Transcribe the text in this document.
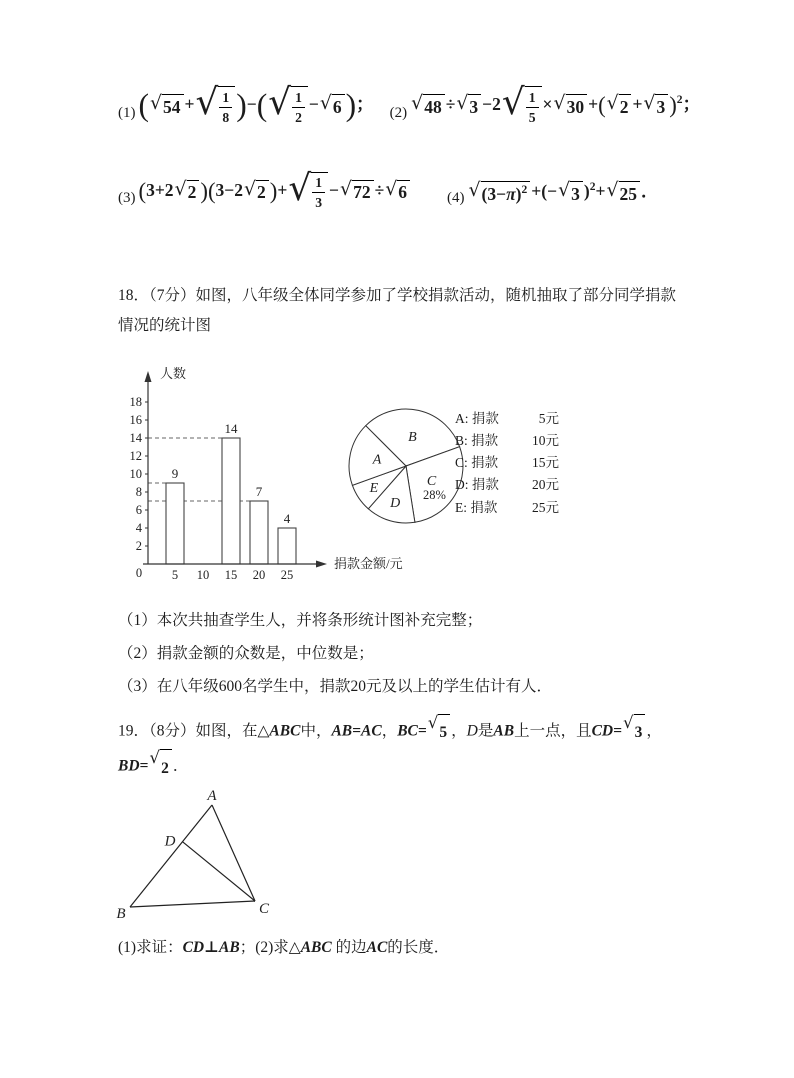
(1) ( √ 54 + √ $\frac{1}{8}$ )−( √ $\frac{1}{2}$ − √ 6 )； (2) √ 48 ÷ √ 3 −2 √ $\frac{1}{5}$ × √ 30 +( √ 2 + √ 3 )$^2$；
(3) (3+2 √ 2 )(3−2 √ 2 )+ √ $\frac{1}{3}$ − √ 72 ÷ √ 6	(4) √ $(3-\pi)^2$ +(− √ 3 )$^2$+ √ 25 ．

18．（7分）如图，八年级全体同学参加了学校捐款活动，随机抽取了部分同学捐款情况的统计图

9
14
7
4
人数
捐款金额/元
0
2
4
6
8
10
12
14
16
18
5 10 15 20 25
B
C
28%
D
E
A
A: 捐款	5元
B: 捐款	10元
C: 捐款	15元
D: 捐款 20元
E: 捐款	25元

（1）本次共抽查学生人，并将条形统计图补充完整；

（2）捐款金额的众数是，中位数是；

（3）在八年级600名学生中，捐款20元及以上的学生估计有人．

19．（8分）如图，在△ABC中，AB=AC，BC= √
5 ，D是AB上一点，且CD= √
3 ，
BD= √
2 ．

A
B	C
D

(1)求证：CD⊥AB；(2)求△ABC 的边AC的长度．
